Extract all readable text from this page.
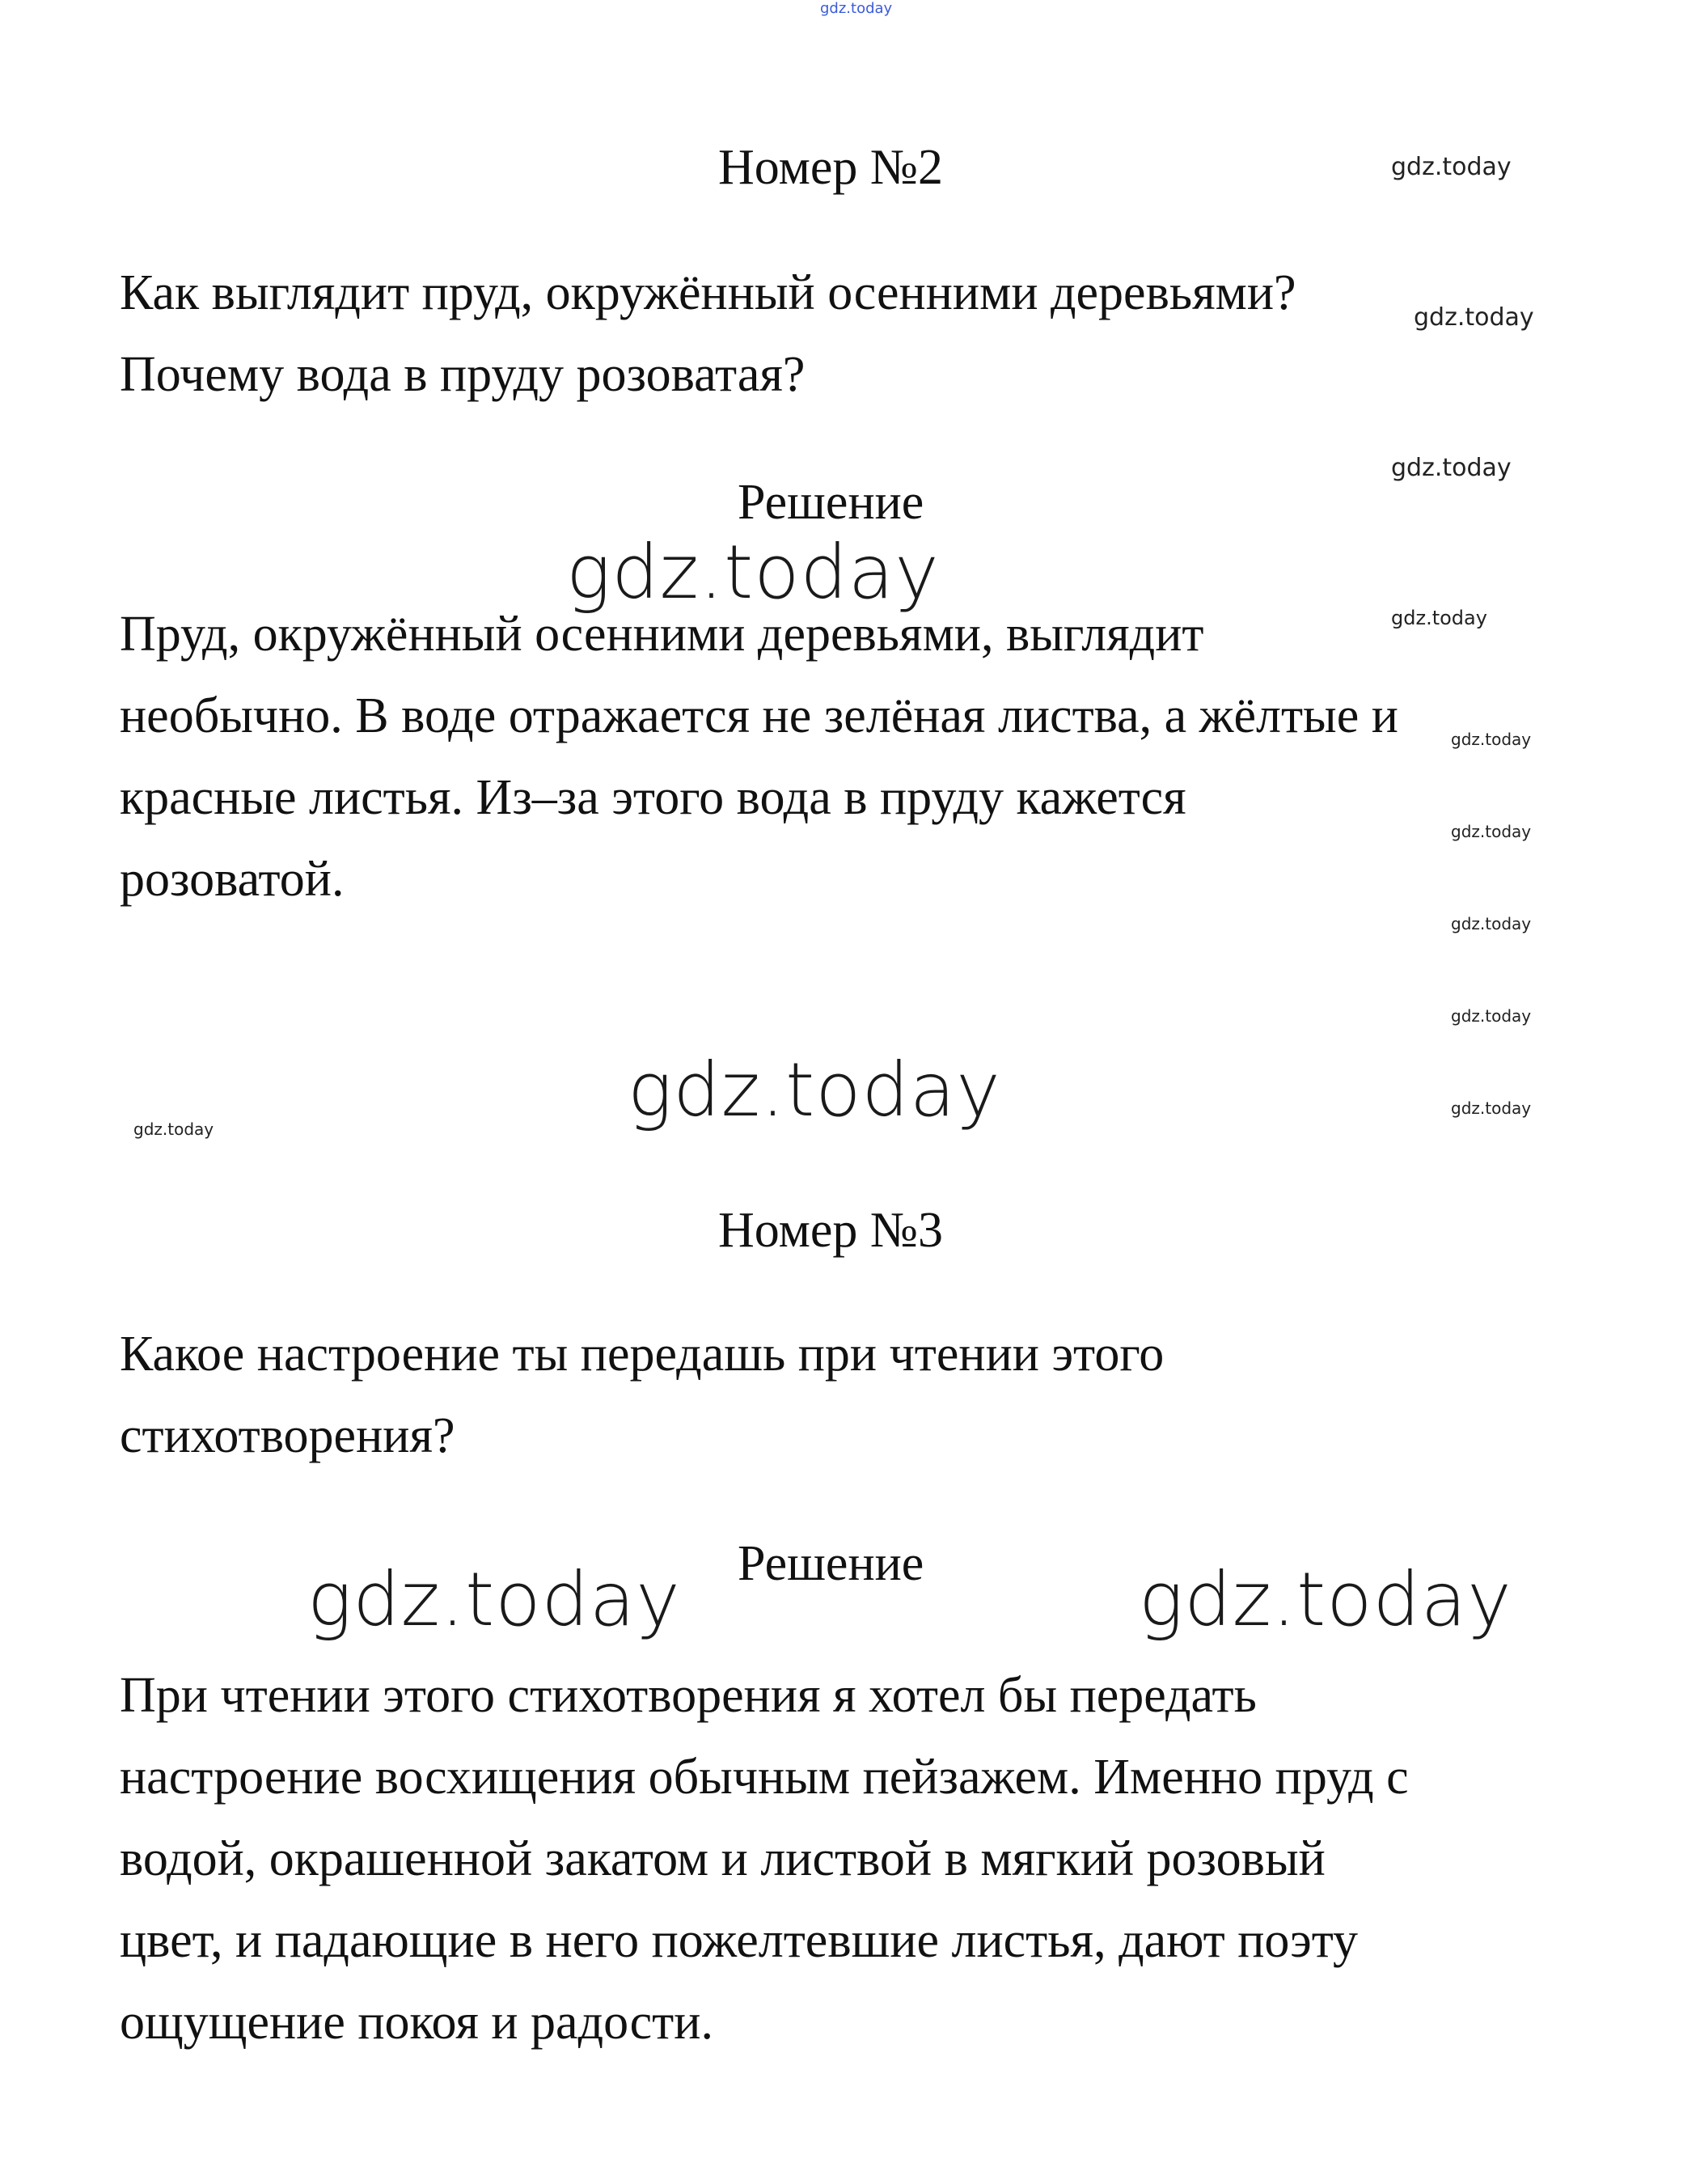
gdz.today
gdz.today
gdz.today
gdz.today
gdz.today
gdz.today
gdz.today
gdz.today
gdz.today
gdz.today
gdz.today
gdz.today
gdz.today
gdz.today	gdz.today
Номер №2
Как выглядит пруд, окружённый осенними деревьями?
Почему вода в пруду розоватая?
Решение
Пруд, окружённый осенними деревьями, выглядит
необычно. В воде отражается не зелёная листва, а жёлтые и
красные листья. Из–за этого вода в пруду кажется
розоватой.
Номер №3
Какое настроение ты передашь при чтении этого
стихотворения?
Решение
При чтении этого стихотворения я хотел бы передать
настроение восхищения обычным пейзажем. Именно пруд с
водой, окрашенной закатом и листвой в мягкий розовый
цвет, и падающие в него пожелтевшие листья, дают поэту
ощущение покоя и радости.
